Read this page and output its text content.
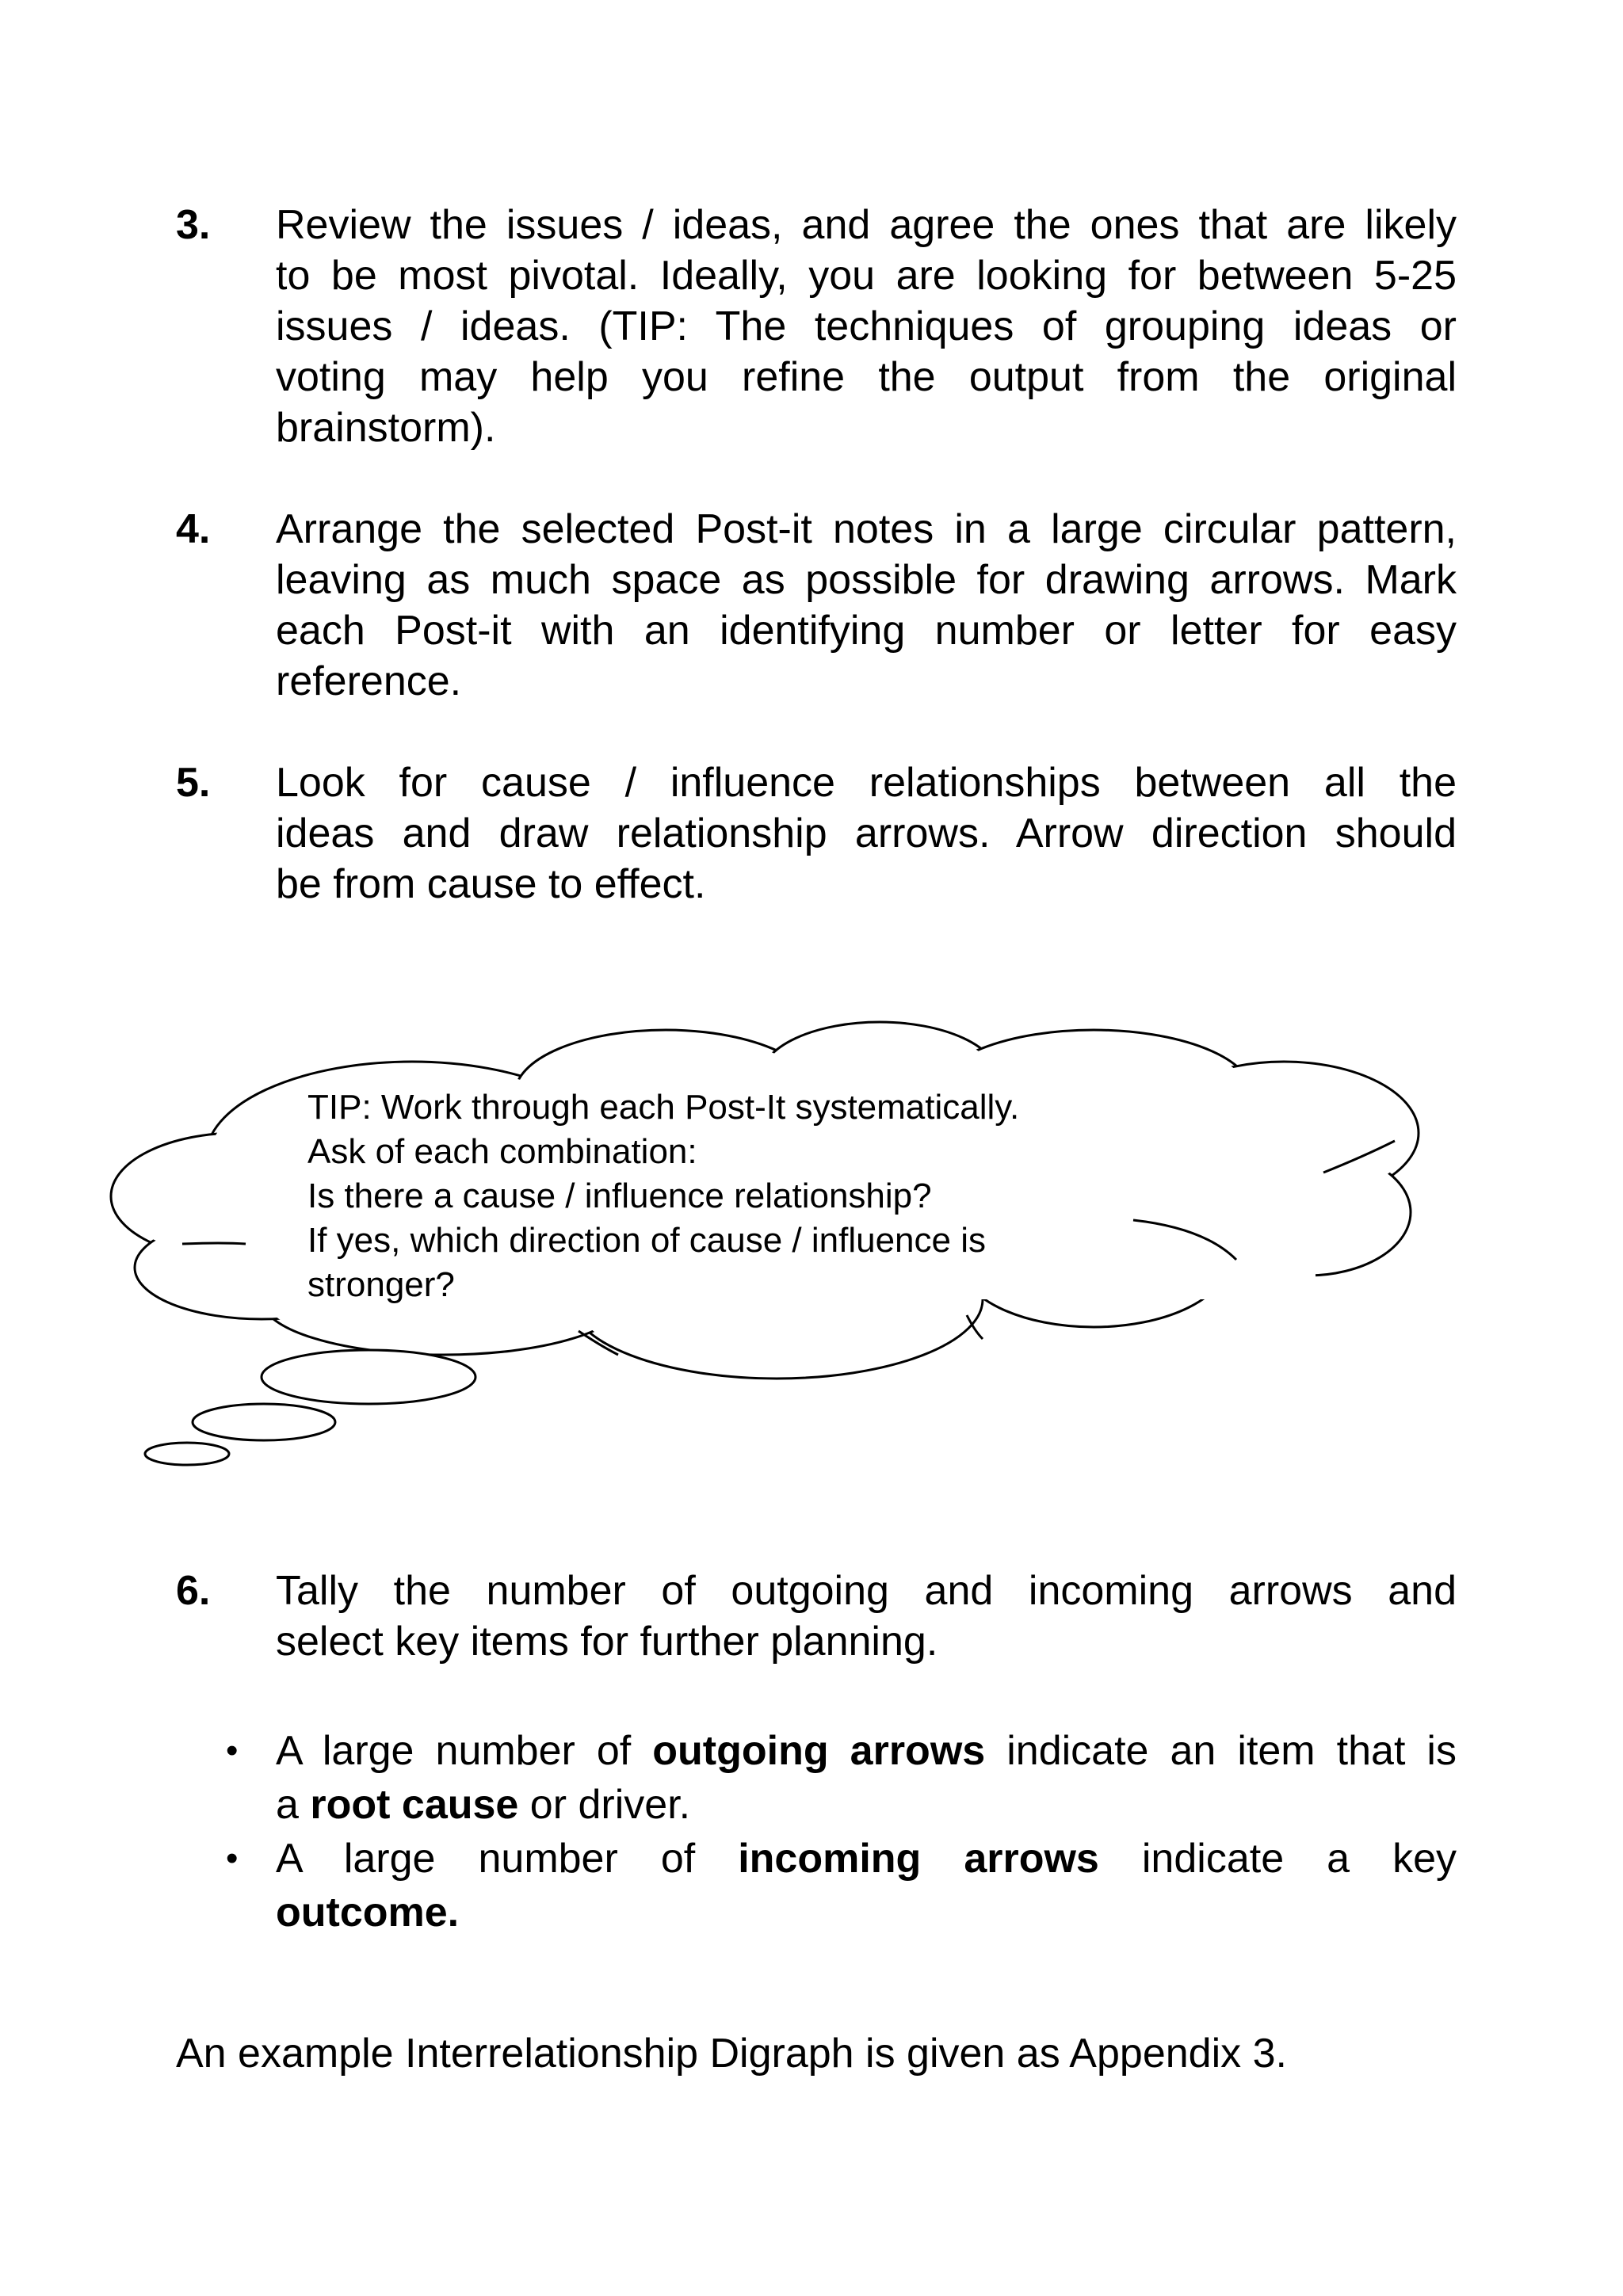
3. Review the issues / ideas, and agree the ones that are likely
to be most pivotal. Ideally, you are looking for between 5-25
issues / ideas. (TIP: The techniques of grouping ideas or
voting may help you refine the output from the original
brainstorm).
4. Arrange the selected Post-it notes in a large circular pattern,
leaving as much space as possible for drawing arrows. Mark
each Post-it with an identifying number or letter for easy
reference.
5. Look for cause / influence relationships between all the
ideas and draw relationship arrows. Arrow direction should
be from cause to effect.
TIP: Work through each Post-It systematically.
Ask of each combination:
Is there a cause / influence relationship?
If yes, which direction of cause / influence is
stronger?
6. Tally the number of outgoing and incoming arrows and
select key items for further planning.
• A large number of outgoing arrows indicate an item that is
a root cause or driver.
• A large number of incoming arrows indicate a key
outcome.
An example Interrelationship Digraph is given as Appendix 3.
